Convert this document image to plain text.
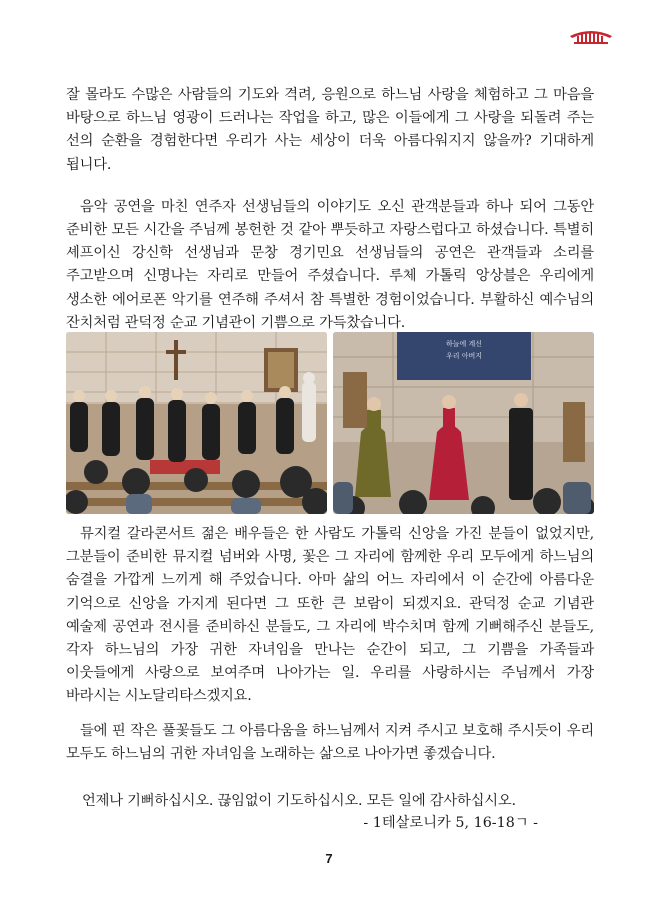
잘 몰라도 수많은 사람들의 기도와 격려, 응원으로 하느님 사랑을 체험하고 그 마음을 바탕으로 하느님 영광이 드러나는 작업을 하고, 많은 이들에게 그 사랑을 되돌려 주는 선의 순환을 경험한다면 우리가 사는 세상이 더욱 아름다워지지 않을까? 기대하게 됩니다.

음악 공연을 마친 연주자 선생님들의 이야기도 오신 관객분들과 하나 되어 그동안 준비한 모든 시간을 주님께 봉헌한 것 같아 뿌듯하고 자랑스럽다고 하셨습니다. 특별히 셰프이신 강신학 선생님과 문창 경기민요 선생님들의 공연은 관객들과 소리를 주고받으며 신명나는 자리로 만들어 주셨습니다. 루체 가톨릭 앙상블은 우리에게 생소한 에어로폰 악기를 연주해 주셔서 참 특별한 경험이었습니다. 부활하신 예수님의 잔치처럼 관덕정 순교 기념관이 기쁨으로 가득찼습니다.

하늘에 계신
우리 아버지

뮤지컬 갈라콘서트 젊은 배우들은 한 사람도 가톨릭 신앙을 가진 분들이 없었지만, 그분들이 준비한 뮤지컬 넘버와 사명, 꽃은 그 자리에 함께한 우리 모두에게 하느님의 숨결을 가깝게 느끼게 해 주었습니다. 아마 삶의 어느 자리에서 이 순간에 아름다운 기억으로 신앙을 가지게 된다면 그 또한 큰 보람이 되겠지요. 관덕정 순교 기념관 예술제 공연과 전시를 준비하신 분들도, 그 자리에 박수치며 함께 기뻐해주신 분들도, 각자 하느님의 가장 귀한 자녀임을 만나는 순간이 되고, 그 기쁨을 가족들과 이웃들에게 사랑으로 보여주며 나아가는 일. 우리를 사랑하시는 주님께서 가장 바라시는 시노달리타스겠지요.

들에 핀 작은 풀꽃들도 그 아름다움을 하느님께서 지켜 주시고 보호해 주시듯이 우리 모두도 하느님의 귀한 자녀임을 노래하는 삶으로 나아가면 좋겠습니다.

언제나 기뻐하십시오. 끊임없이 기도하십시오. 모든 일에 감사하십시오.
- 1테살로니카 5, 16-18ㄱ -
7
